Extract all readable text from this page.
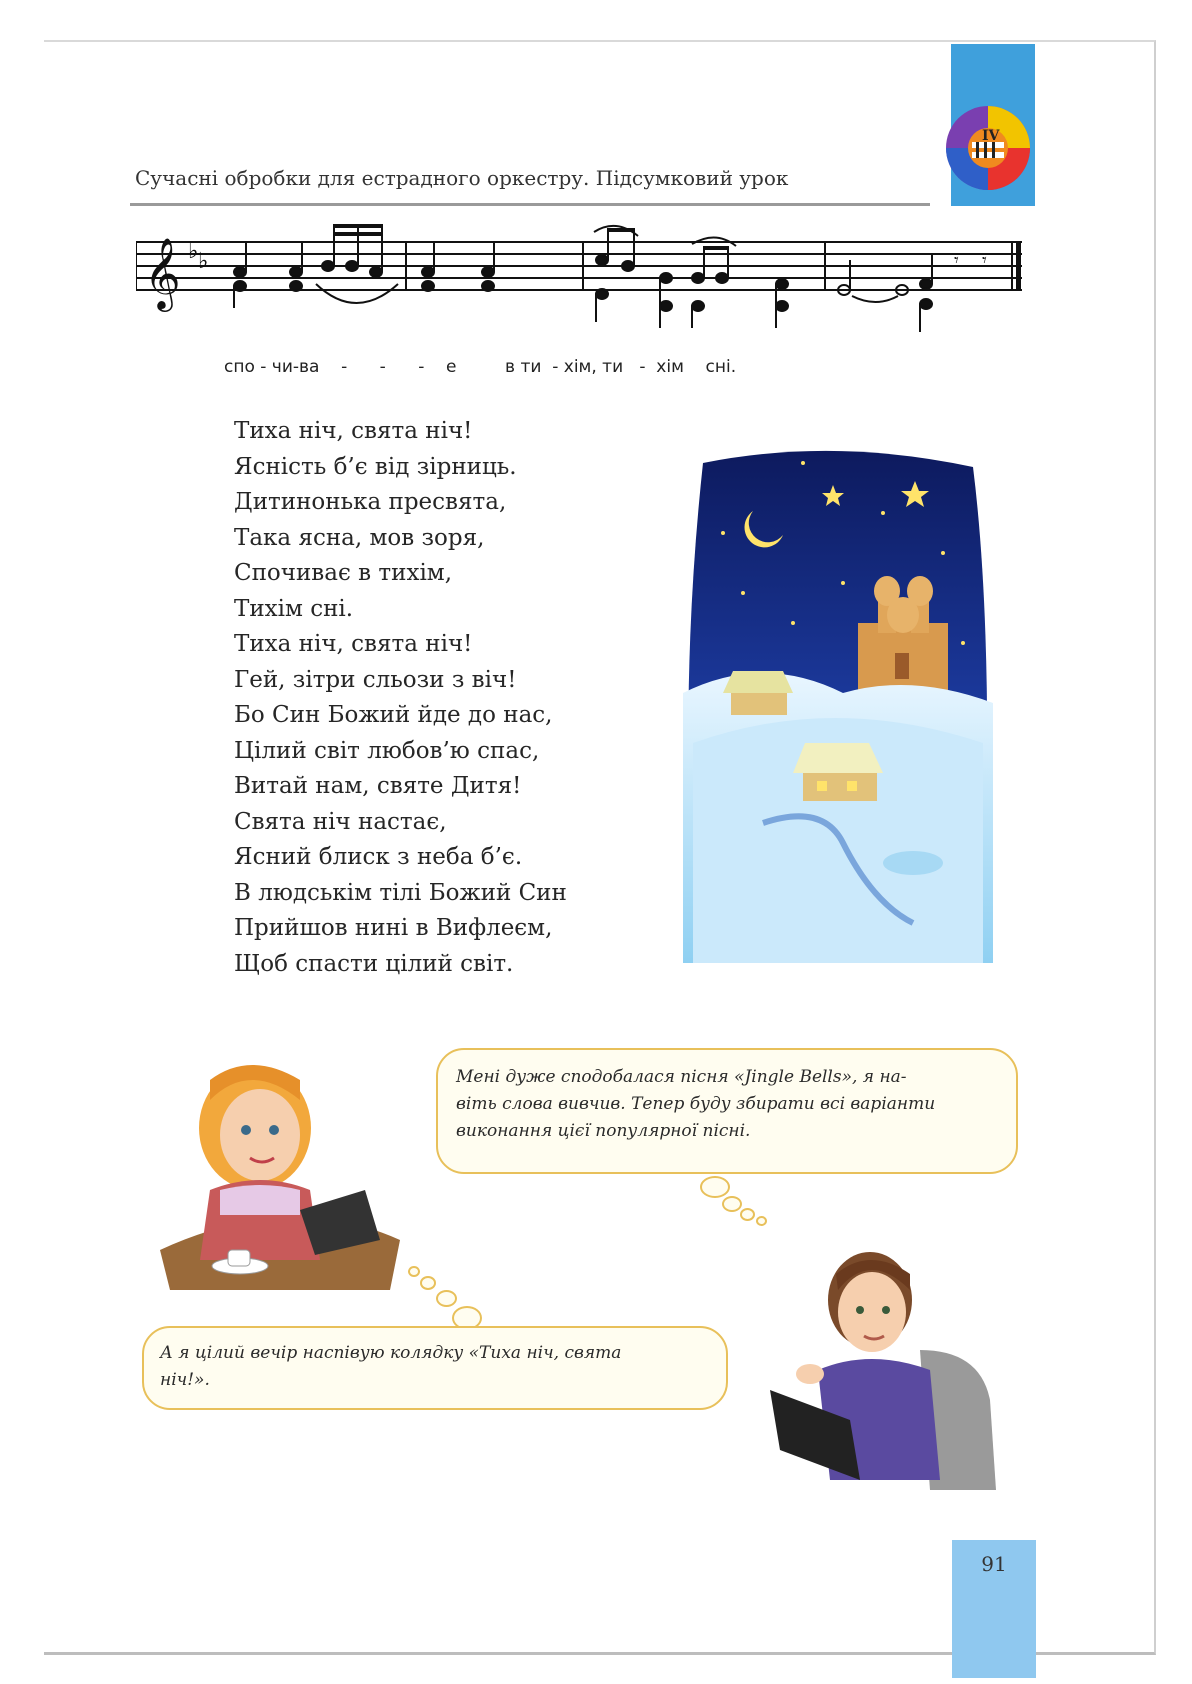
IV
Сучасні обробки для естрадного оркестру. Підсумковий урок
𝄞 ♭ ♭	𝄾 𝄾
спо - чи-ва    -      -      -    е         в ти  - хім, ти   -  хім    сні.
Тиха ніч, свята ніч!
Ясність б’є від зірниць.
Дитинонька пресвята,
Така ясна, мов зоря,
Спочиває в тихім,
Тихім сні.
Тиха ніч, свята ніч!
Гей, зітри сльози з віч!
Бо Син Божий йде до нас,
Цілий світ любов’ю спас,
Витай нам, святе Дитя!
Свята ніч настає,
Ясний блиск з неба б’є.
В людськім тілі Божий Син
Прийшов нині в Вифлеєм,
Щоб спасти цілий світ.
Мені дуже сподобалася пісня «Jingle Bells», я на-
віть слова вивчив. Тепер буду збирати всі варіанти
виконання цієї популярної пісні.
А я цілий вечір наспівую колядку «Тиха ніч, свята
ніч!».
91
